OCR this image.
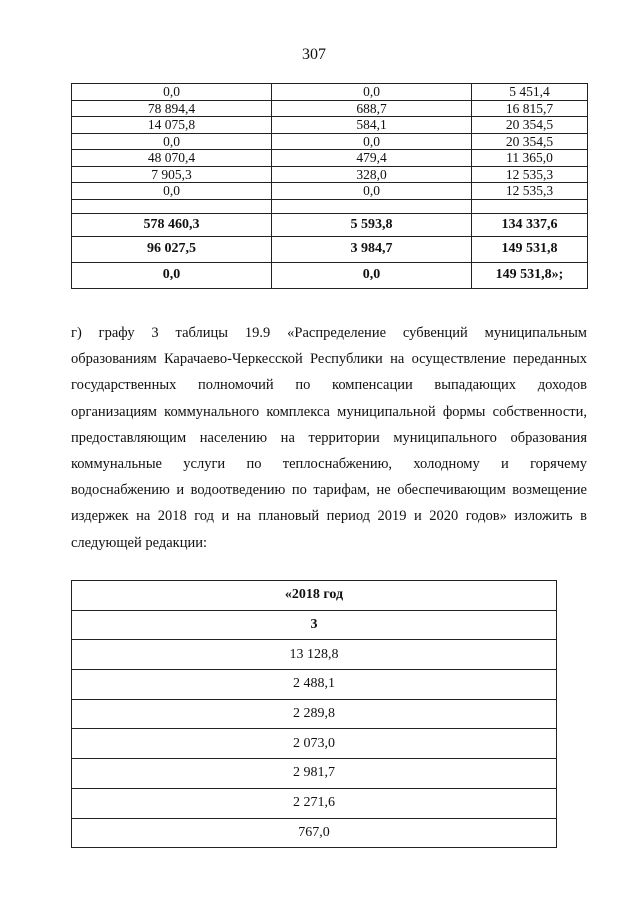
307
0,0	0,0	5 451,4
78 894,4	688,7	16 815,7
14 075,8	584,1	20 354,5
0,0	0,0	20 354,5
48 070,4	479,4	11 365,0
7 905,3	328,0	12 535,3
0,0	0,0	12 535,3

578 460,3	5 593,8	134 337,6
96 027,5	3 984,7	149 531,8
0,0	0,0	149 531,8»;
г) графу 3 таблицы 19.9 «Распределение субвенций муниципальным
образованиям Карачаево-Черкесской Республики на осуществление переданных
государственных полномочий по компенсации выпадающих доходов
организациям коммунального комплекса муниципальной формы собственности,
предоставляющим населению на территории муниципального образования
коммунальные услуги по теплоснабжению, холодному и горячему
водоснабжению и водоотведению по тарифам, не обеспечивающим возмещение
издержек на 2018 год и на плановый период 2019 и 2020 годов» изложить в
следующей редакции:
«2018 год
3
13 128,8
2 488,1
2 289,8
2 073,0
2 981,7
2 271,6
767,0
